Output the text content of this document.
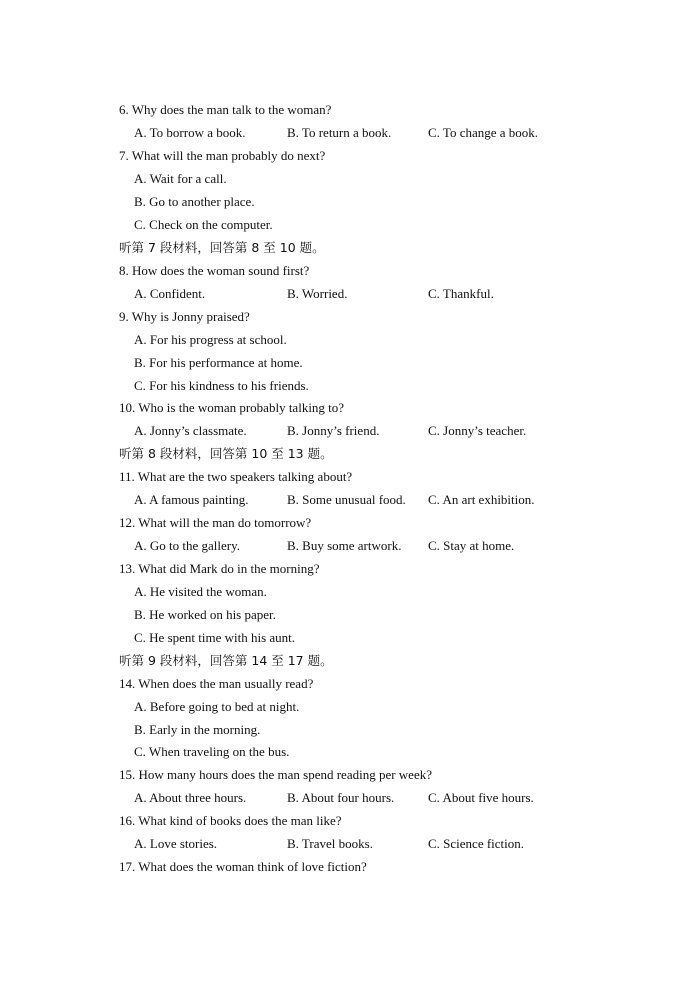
6. Why does the man talk to the woman?
A. To borrow a book.	B. To return a book.	C. To change a book.
7. What will the man probably do next?
A. Wait for a call.
B. Go to another place.
C. Check on the computer.
听第 7 段材料，回答第 8 至 10 题。
8. How does the woman sound first?
A. Confident.	B. Worried.	C. Thankful.
9. Why is Jonny praised?
A. For his progress at school.
B. For his performance at home.
C. For his kindness to his friends.
10. Who is the woman probably talking to?
A. Jonny’s classmate.	B. Jonny’s friend.	C. Jonny’s teacher.
听第 8 段材料，回答第 10 至 13 题。
11. What are the two speakers talking about?
A. A famous painting.	B. Some unusual food. C. An art exhibition.
12. What will the man do tomorrow?
A. Go to the gallery.	B. Buy some artwork. C. Stay at home.
13. What did Mark do in the morning?
A. He visited the woman.
B. He worked on his paper.
C. He spent time with his aunt.
听第 9 段材料，回答第 14 至 17 题。
14. When does the man usually read?
A. Before going to bed at night.
B. Early in the morning.
C. When traveling on the bus.
15. How many hours does the man spend reading per week?
A. About three hours.	B. About four hours.	C. About five hours.
16. What kind of books does the man like?
A. Love stories.	B. Travel books.	C. Science fiction.
17. What does the woman think of love fiction?
